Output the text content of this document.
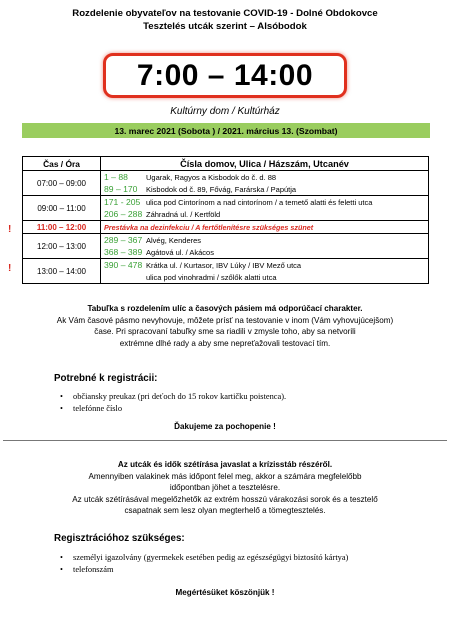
Rozdelenie obyvateľov na testovanie COVID-19 - Dolné Obdokovce
Tesztelés utcák szerint – Alsóbodok
7:00 – 14:00
Kultúrny dom / Kultúrház
13. marec 2021 (Sobota ) / 2021. március 13. (Szombat)
Čas / Óra	Čísla domov, Ulica / Házszám, Utcanév
07:00 – 09:00	1 – 88 Ugarak, Ragyos a Kisbodok do č. d. 88
89 – 170 Kisbodok od č. 89, Fővág, Farárska / Papútja

09:00 – 11:00	171 - 205 ulica pod Cintorínom a nad cintorínom / a temető alatti és feletti utca
206 – 288 Záhradná ul. / Kertföld

11:00 – 12:00	Prestávka na dezinfekciu / A fertőtlenítésre szükséges szünet
12:00 – 13:00	289 – 367 Alvég, Kenderes
368 – 389 Agátová ul. / Akácos

13:00 – 14:00	390 – 478 Krátka ul. / Kurtasor, IBV Lúky / IBV Mező utca
ulica pod vinohradmi / szőlők alatti utca
!
!
Tabuľka s rozdelením ulíc a časových pásiem má odporúčací charakter.
Ak Vám časové pásmo nevyhovuje, môžete prísť na testovanie v inom (Vám vyhovujúcejšom)
čase. Pri spracovaní tabuľky sme sa riadili v zmysle toho, aby sa netvorili
extrémne dlhé rady a aby sme nepreťažovali testovací tím.
Potrebné k registrácii:
• občiansky preukaz (pri deťoch do 15 rokov kartičku poistenca).
• telefónne číslo
Ďakujeme za pochopenie !
Az utcák és idők szétírása javaslat a krízisstáb részéről.
Amennyiben valakinek más időpont felel meg, akkor a számára megfelelőbb
időpontban jöhet a tesztelésre.
Az utcák szétírásával megelőzhetők az extrém hosszú várakozási sorok és a tesztelő
csapatnak sem lesz olyan megterhelő a tömegtesztelés.
Regisztrációhoz szükséges:
• személyi igazolvány (gyermekek esetében pedig az egészségügyi biztosító kártya)
• telefonszám
Megértésüket köszönjük !
